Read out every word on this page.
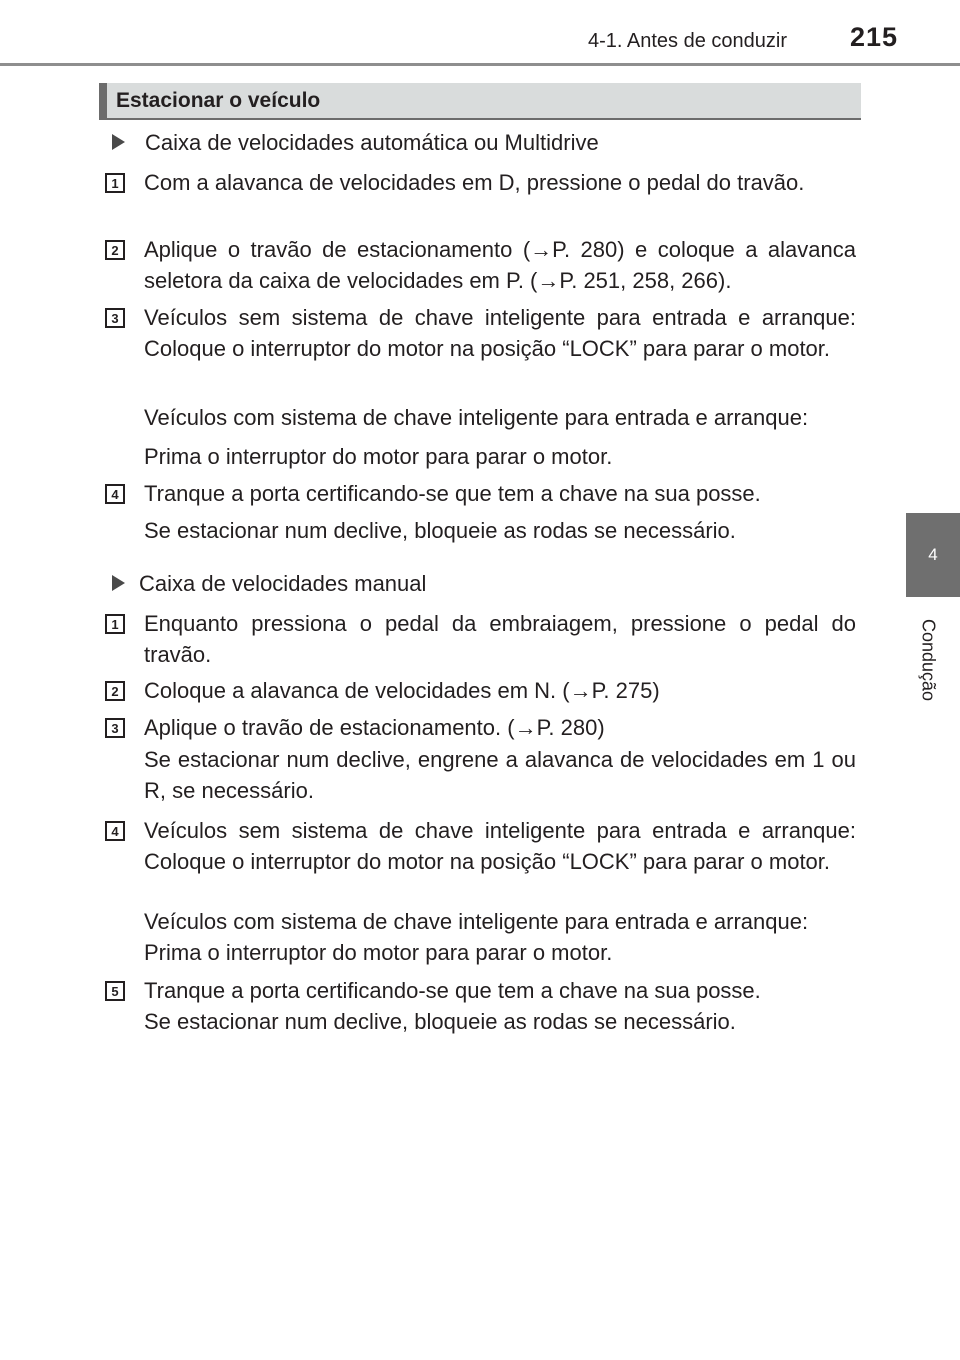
4-1. Antes de conduzir 215
4
Condução
Estacionar o veículo
Caixa de velocidades automática ou Multidrive
1 Com a alavanca de velocidades em D, pressione o pedal do travão.
2 Aplique o travão de estacionamento (→P. 280) e coloque a alavanca seletora da caixa de velocidades em P. (→P. 251, 258, 266).
3 Veículos sem sistema de chave inteligente para entrada e arranque: Coloque o interruptor do motor na posição “LOCK” para parar o motor.
Veículos com sistema de chave inteligente para entrada e arranque:
Prima o interruptor do motor para parar o motor.
4 Tranque a porta certificando-se que tem a chave na sua posse.
Se estacionar num declive, bloqueie as rodas se necessário.
Caixa de velocidades manual
1 Enquanto pressiona o pedal da embraiagem, pressione o pedal do travão.
2 Coloque a alavanca de velocidades em N. (→P. 275)
3 Aplique o travão de estacionamento. (→P. 280)
Se estacionar num declive, engrene a alavanca de velocidades em 1 ou R, se necessário.
4 Veículos sem sistema de chave inteligente para entrada e arranque: Coloque o interruptor do motor na posição “LOCK” para parar o motor.
Veículos com sistema de chave inteligente para entrada e arranque:
Prima o interruptor do motor para parar o motor.
5 Tranque a porta certificando-se que tem a chave na sua posse.
Se estacionar num declive, bloqueie as rodas se necessário.
